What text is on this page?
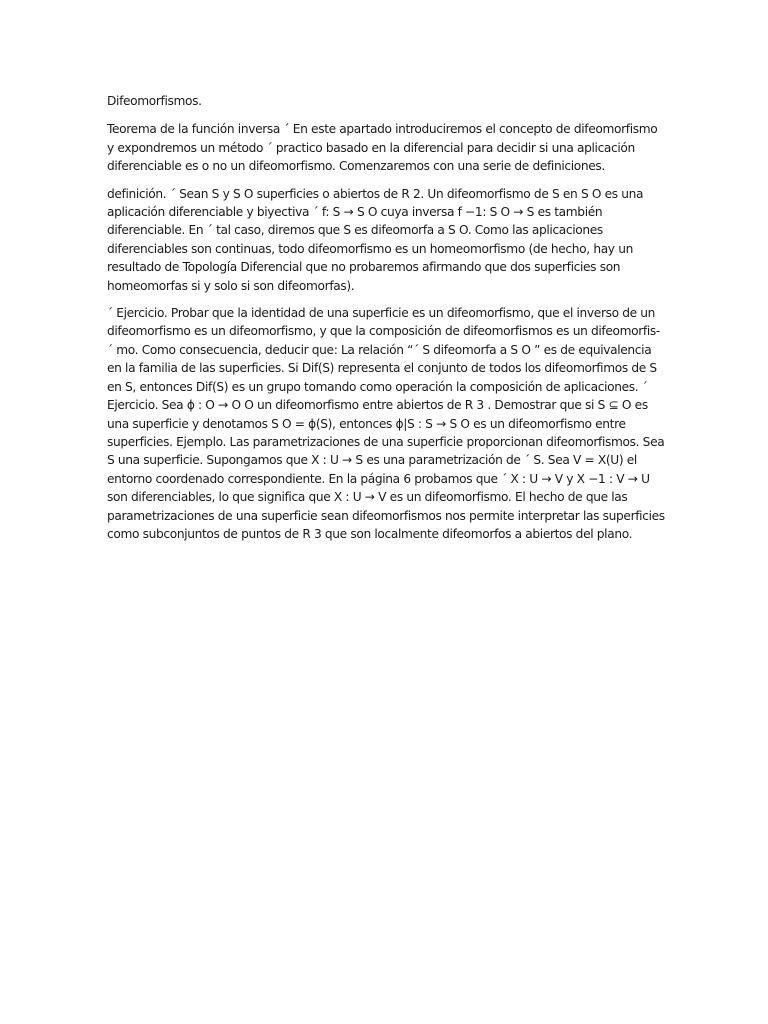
Difeomorfismos.

Teorema de la función inversa ´ En este apartado introduciremos el concepto de difeomorfismo y expondremos un método ´ practico basado en la diferencial para decidir si una aplicación diferenciable es o no un difeomorfismo. Comenzaremos con una serie de definiciones.

definición. ´ Sean S y S O superficies o abiertos de R 2. Un difeomorfismo de S en S O es una aplicación diferenciable y biyectiva ´ f: S → S O cuya inversa f −1: S O → S es también diferenciable. En ´ tal caso, diremos que S es difeomorfa a S O. Como las aplicaciones diferenciables son continuas, todo difeomorfismo es un homeomorfismo (de hecho, hay un resultado de Topología Diferencial que no probaremos afirmando que dos superficies son homeomorfas si y solo si son difeomorfas).

´ Ejercicio. Probar que la identidad de una superficie es un difeomorfismo, que el inverso de un difeomorfismo es un difeomorfismo, y que la composición de difeomorfismos es un difeomorfis- ´ mo. Como consecuencia, deducir que: La relación “´ S difeomorfa a S O ” es de equivalencia en la familia de las superficies. Si Dif(S) representa el conjunto de todos los difeomorfimos de S en S, entonces Dif(S) es un grupo tomando como operación la composición de aplicaciones. ´ Ejercicio. Sea ϕ : O → O O un difeomorfismo entre abiertos de R 3 . Demostrar que si S ⊆ O es una superficie y denotamos S O = ϕ(S), entonces ϕ|S : S → S O es un difeomorfismo entre superficies. Ejemplo. Las parametrizaciones de una superficie proporcionan difeomorfismos. Sea S una superficie. Supongamos que X : U → S es una parametrización de ´ S. Sea V = X(U) el entorno coordenado correspondiente. En la página 6 probamos que ´ X : U → V y X −1 : V → U son diferenciables, lo que significa que X : U → V es un difeomorfismo. El hecho de que las parametrizaciones de una superficie sean difeomorfismos nos permite interpretar las superficies como subconjuntos de puntos de R 3 que son localmente difeomorfos a abiertos del plano.
